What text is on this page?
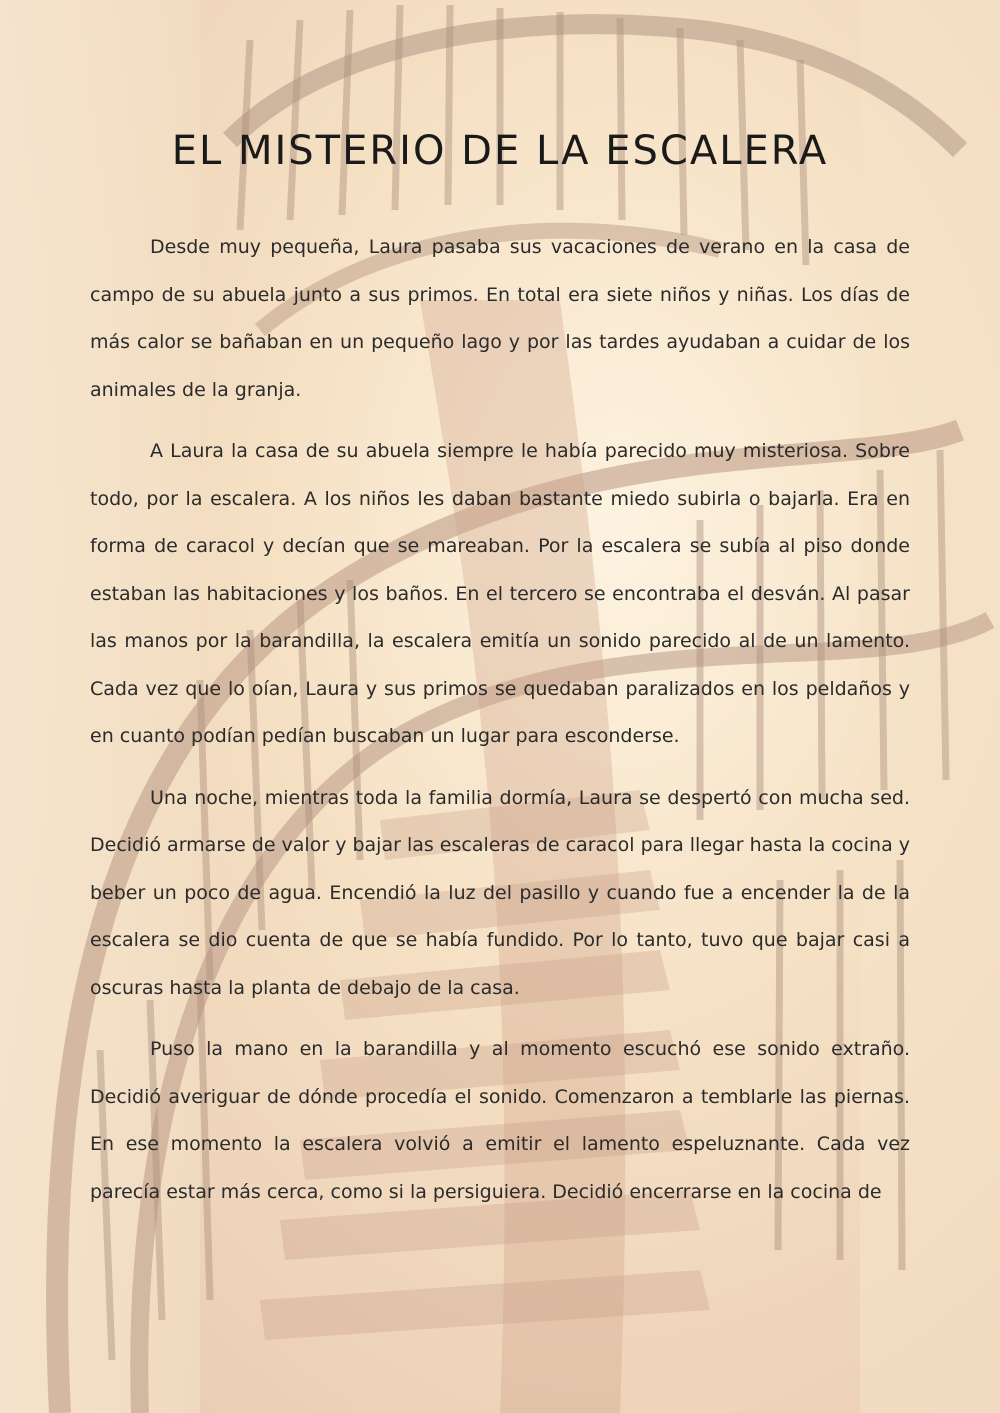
EL MISTERIO DE LA ESCALERA

Desde muy pequeña, Laura pasaba sus vacaciones de verano en la casa de campo de su abuela junto a sus primos. En total era siete niños y niñas. Los días de más calor se bañaban en un pequeño lago y por las tardes ayudaban a cuidar de los animales de la granja.

A Laura la casa de su abuela siempre le había parecido muy misteriosa. Sobre todo, por la escalera. A los niños les daban bastante miedo subirla o bajarla. Era en forma de caracol y decían que se mareaban. Por la escalera se subía al piso donde estaban las habitaciones y los baños. En el tercero se encontraba el desván. Al pasar las manos por la barandilla, la escalera emitía un sonido parecido al de un lamento. Cada vez que lo oían, Laura y sus primos se quedaban paralizados en los peldaños y en cuanto podían pedían buscaban un lugar para esconderse.

Una noche, mientras toda la familia dormía, Laura se despertó con mucha sed. Decidió armarse de valor y bajar las escaleras de caracol para llegar hasta la cocina y beber un poco de agua. Encendió la luz del pasillo y cuando fue a encender la de la escalera se dio cuenta de que se había fundido. Por lo tanto, tuvo que bajar casi a oscuras hasta la planta de debajo de la casa.

Puso la mano en la barandilla y al momento escuchó ese sonido extraño. Decidió averiguar de dónde procedía el sonido. Comenzaron a temblarle las piernas. En ese momento la escalera volvió a emitir el lamento espeluznante. Cada vez parecía estar más cerca, como si la persiguiera. Decidió encerrarse en la cocina de
